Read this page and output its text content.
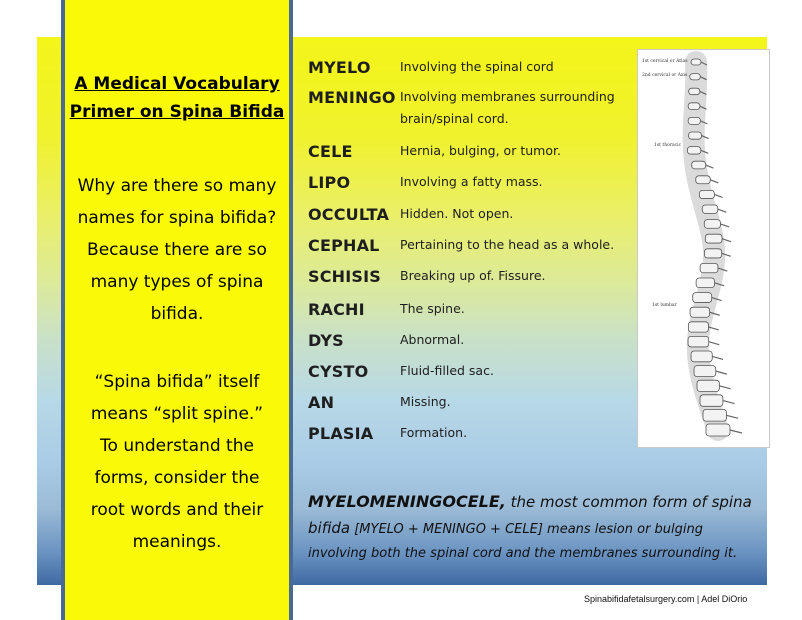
A Medical Vocabulary
Primer on Spina Bifida
Why are there so many
names for spina bifida?
Because there are so
many types of spina
bifida.
“Spina bifida” itself
means “split spine.”
To understand the
forms, consider the
root words and their
meanings.
MYELO Involving the spinal cord
MENINGO Involving membranes surrounding
brain/spinal cord.
CELE	Hernia, bulging, or tumor.
LIPO	Involving a fatty mass.
OCCULTA Hidden. Not open.
CEPHAL Pertaining to the head as a whole.
SCHISIS Breaking up of. Fissure.
RACHI	The spine.
DYS	Abnormal.
CYSTO	Fluid-filled sac.
AN	Missing.
PLASIA Formation.
1st cervical or Atlas
2nd cervical or Axis
1st thoracic
1st lumbar
MYELOMENINGOCELE, the most common form of spina
bifida [MYELO + MENINGO + CELE] means lesion or bulging
involving both the spinal cord and the membranes surrounding it.
Spinabifidafetalsurgery.com | Adel DiOrio
